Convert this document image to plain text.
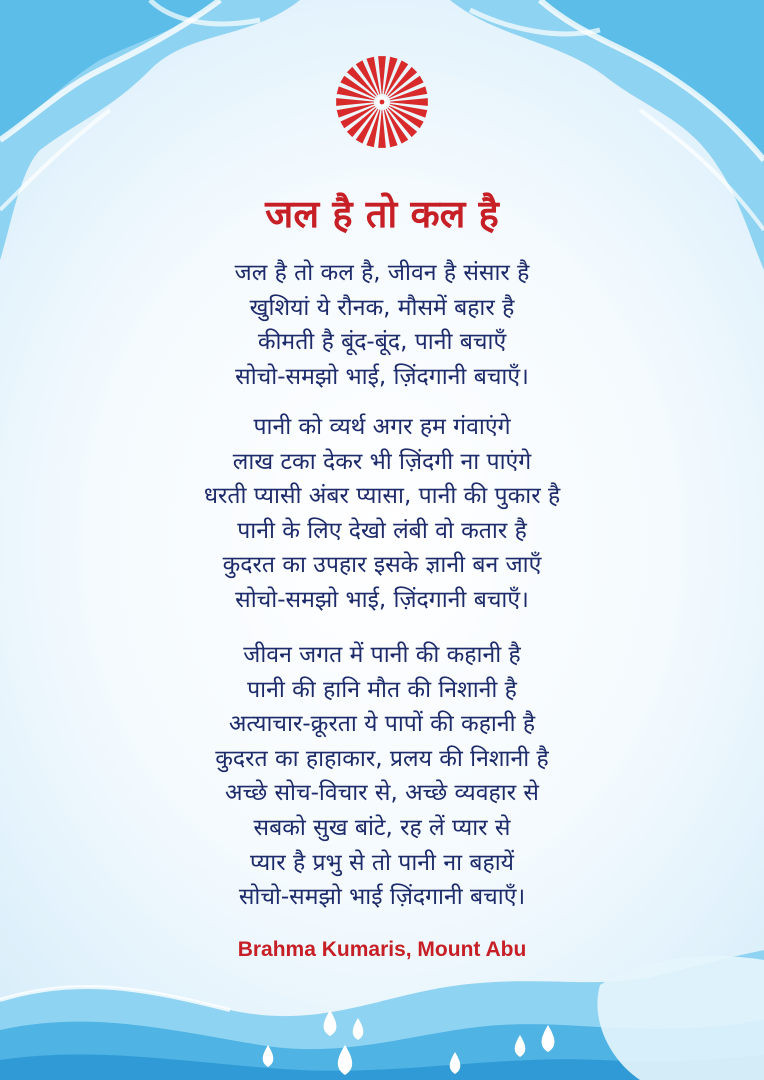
जल है तो कल है
जल है तो कल है, जीवन है संसार है
खुशियां ये रौनक, मौसमें बहार है
कीमती है बूंद-बूंद, पानी बचाएँ
सोचो-समझो भाई, ज़िंदगानी बचाएँ।
पानी को व्यर्थ अगर हम गंवाएंगे
लाख टका देकर भी ज़िंदगी ना पाएंगे
धरती प्यासी अंबर प्यासा, पानी की पुकार है
पानी के लिए देखो लंबी वो कतार है
कुदरत का उपहार इसके ज्ञानी बन जाएँ
सोचो-समझो भाई, ज़िंदगानी बचाएँ।
जीवन जगत में पानी की कहानी है
पानी की हानि मौत की निशानी है
अत्याचार-क्रूरता ये पापों की कहानी है
कुदरत का हाहाकार, प्रलय की निशानी है
अच्छे सोच-विचार से, अच्छे व्यवहार से
सबको सुख बांटे, रह लें प्यार से
प्यार है प्रभु से तो पानी ना बहायें
सोचो-समझो भाई ज़िंदगानी बचाएँ।
Brahma Kumaris, Mount Abu
